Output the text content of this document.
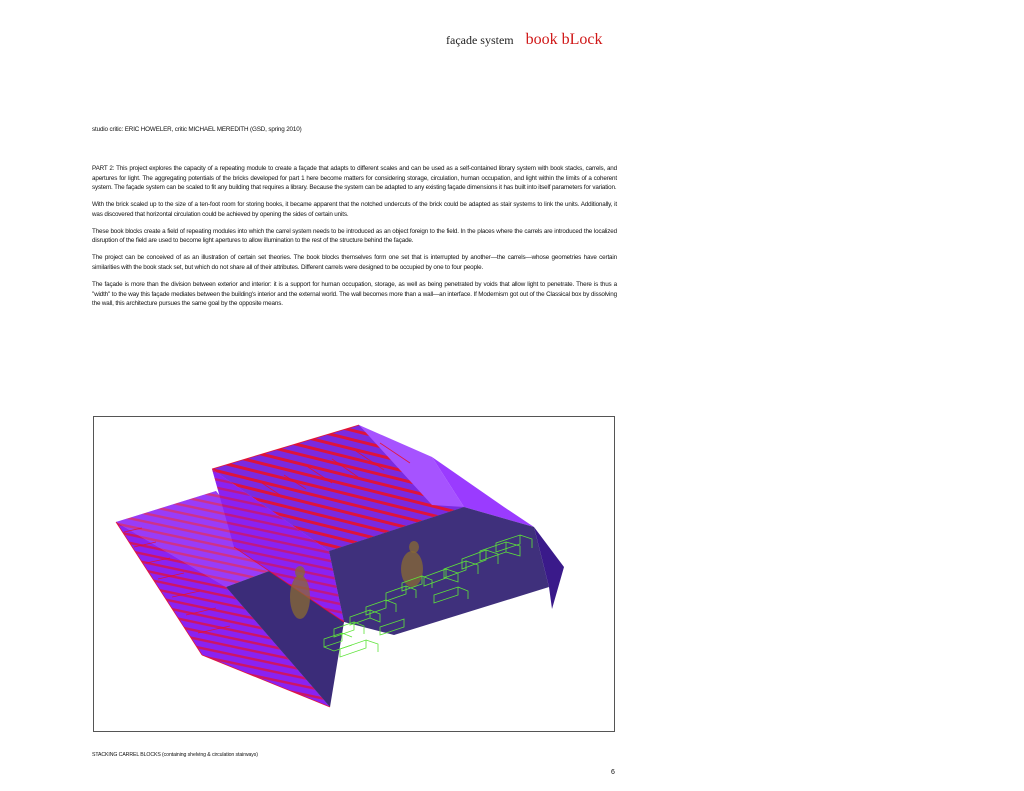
façade system book bLock
studio critic: ERIC HOWELER, critic MICHAEL MEREDITH (GSD, spring 2010)

PART 2: This project explores the capacity of a repeating module to create a façade that adapts to different scales and can be used as a self-contained library system with book stacks, carrels, and apertures for light. The aggregating potentials of the bricks developed for part 1 here become matters for considering storage, circulation, human occupation, and light within the limits of a coherent system. The façade system can be scaled to fit any building that requires a library. Because the system can be adapted to any existing façade dimensions it has built into itself parameters for variation.

With the brick scaled up to the size of a ten-foot room for storing books, it became apparent that the notched undercuts of the brick could be adapted as stair systems to link the units. Additionally, it was discovered that horizontal circulation could be achieved by opening the sides of certain units.

These book blocks create a field of repeating modules into which the carrel system needs to be introduced as an object foreign to the field. In the places where the carrels are introduced the localized disruption of the field are used to become light apertures to allow illumination to the rest of the structure behind the façade.

The project can be conceived of as an illustration of certain set theories. The book blocks themselves form one set that is interrupted by another—the carrels—whose geometries have certain similarities with the book stack set, but which do not share all of their attributes. Different carrels were designed to be occupied by one to four people.

The façade is more than the division between exterior and interior: it is a support for human occupation, storage, as well as being penetrated by voids that allow light to penetrate. There is thus a "width" to the way this façade mediates between the building's interior and the external world. The wall becomes more than a wall—an interface. If Modernism got out of the Classical box by dissolving the wall, this architecture pursues the same goal by the opposite means.

STACKING CARREL BLOCKS (containing shelving & circulation stairways)
6
